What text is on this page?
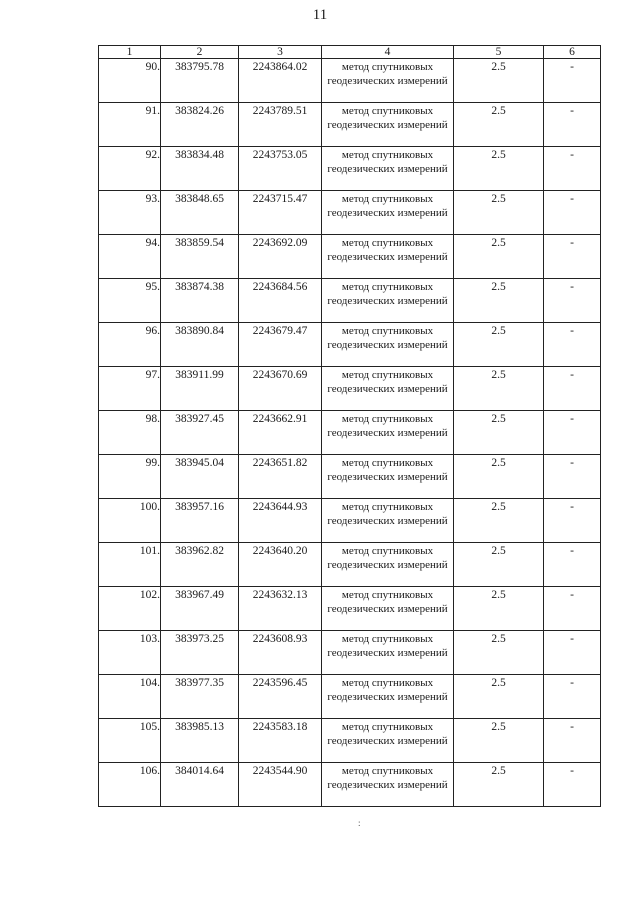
11
1	2	3	4	5	6
90.	383795.78	2243864.02	метод спутниковых геодезических измерений	2.5	-
91.	383824.26	2243789.51	метод спутниковых геодезических измерений	2.5	-
92.	383834.48	2243753.05	метод спутниковых геодезических измерений	2.5	-
93.	383848.65	2243715.47	метод спутниковых геодезических измерений	2.5	-
94.	383859.54	2243692.09	метод спутниковых геодезических измерений	2.5	-
95.	383874.38	2243684.56	метод спутниковых геодезических измерений	2.5	-
96.	383890.84	2243679.47	метод спутниковых геодезических измерений	2.5	-
97.	383911.99	2243670.69	метод спутниковых геодезических измерений	2.5	-
98.	383927.45	2243662.91	метод спутниковых геодезических измерений	2.5	-
99.	383945.04	2243651.82	метод спутниковых геодезических измерений	2.5	-
100.	383957.16	2243644.93	метод спутниковых геодезических измерений	2.5	-
101.	383962.82	2243640.20	метод спутниковых геодезических измерений	2.5	-
102.	383967.49	2243632.13	метод спутниковых геодезических измерений	2.5	-
103.	383973.25	2243608.93	метод спутниковых геодезических измерений	2.5	-
104.	383977.35	2243596.45	метод спутниковых геодезических измерений	2.5	-
105.	383985.13	2243583.18	метод спутниковых геодезических измерений	2.5	-
106.	384014.64	2243544.90	метод спутниковых геодезических измерений	2.5	-
:
